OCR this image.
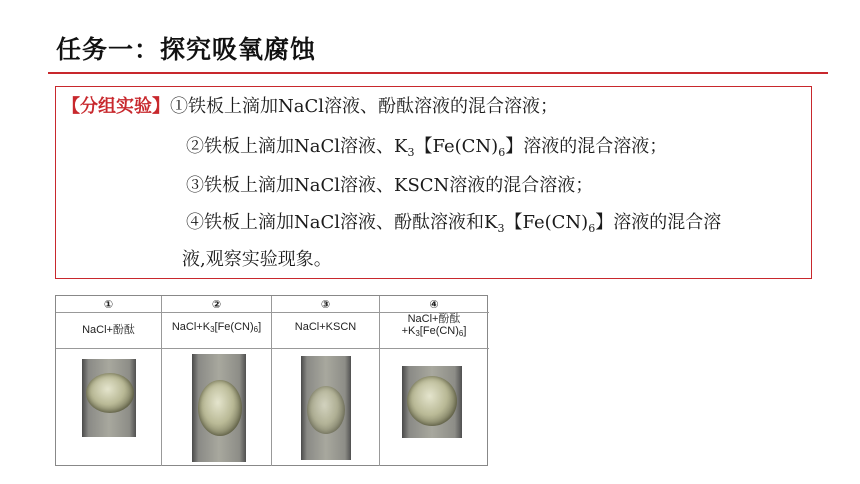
任务一：探究吸氧腐蚀
【分组实验】①铁板上滴加NaCl溶液、酚酞溶液的混合溶液；
②铁板上滴加NaCl溶液、$K_3$【$Fe(CN)_6$】溶液的混合溶液；
③铁板上滴加NaCl溶液、KSCN溶液的混合溶液；
④铁板上滴加NaCl溶液、酚酞溶液和$K_3$【$Fe(CN)_6$】溶液的混合溶
液,观察实验现象。
①
NaCl+酚酞
②
$NaCl+K_3[Fe(CN)_6]$
③
NaCl+KSCN
④
NaCl+酚酞
$+K_3[Fe(CN)_6]$
